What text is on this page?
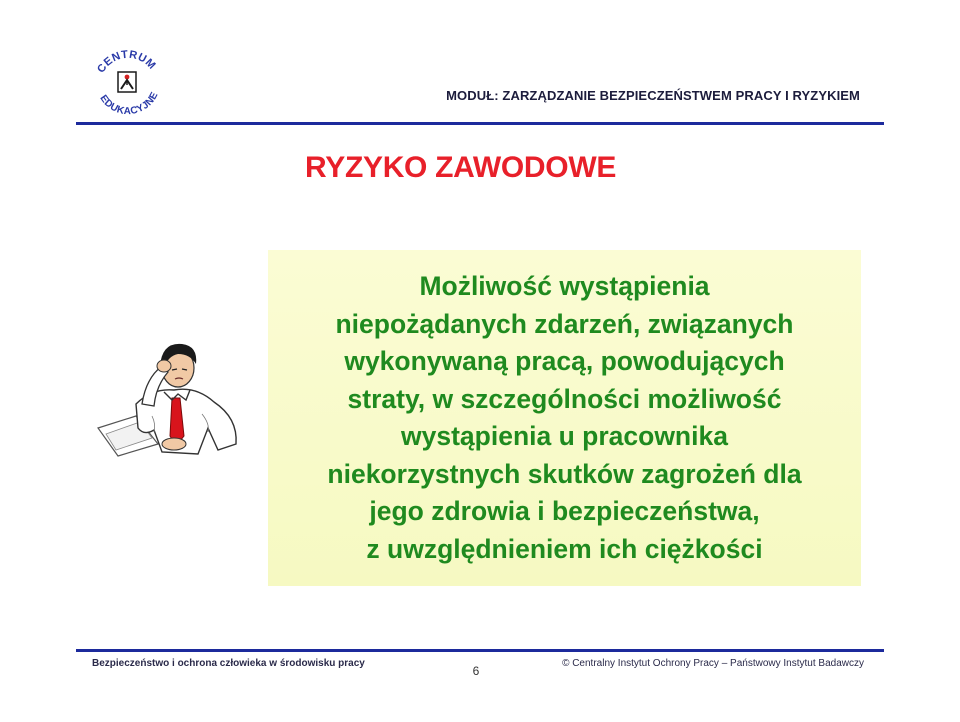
CENTRUM
EDUKACYJNE	MODUŁ: ZARZĄDZANIE BEZPIECZEŃSTWEM PRACY I RYZYKIEM
RYZYKO ZAWODOWE

Możliwość wystąpienia
niepożądanych zdarzeń, związanych
wykonywaną pracą, powodujących
straty, w szczególności możliwość
wystąpienia u pracownika
niekorzystnych skutków zagrożeń dla
jego zdrowia i bezpieczeństwa,
z uwzględnieniem ich ciężkości

Bezpieczeństwo i ochrona człowieka w środowisku pracy
6
© Centralny Instytut Ochrony Pracy – Państwowy Instytut Badawczy
